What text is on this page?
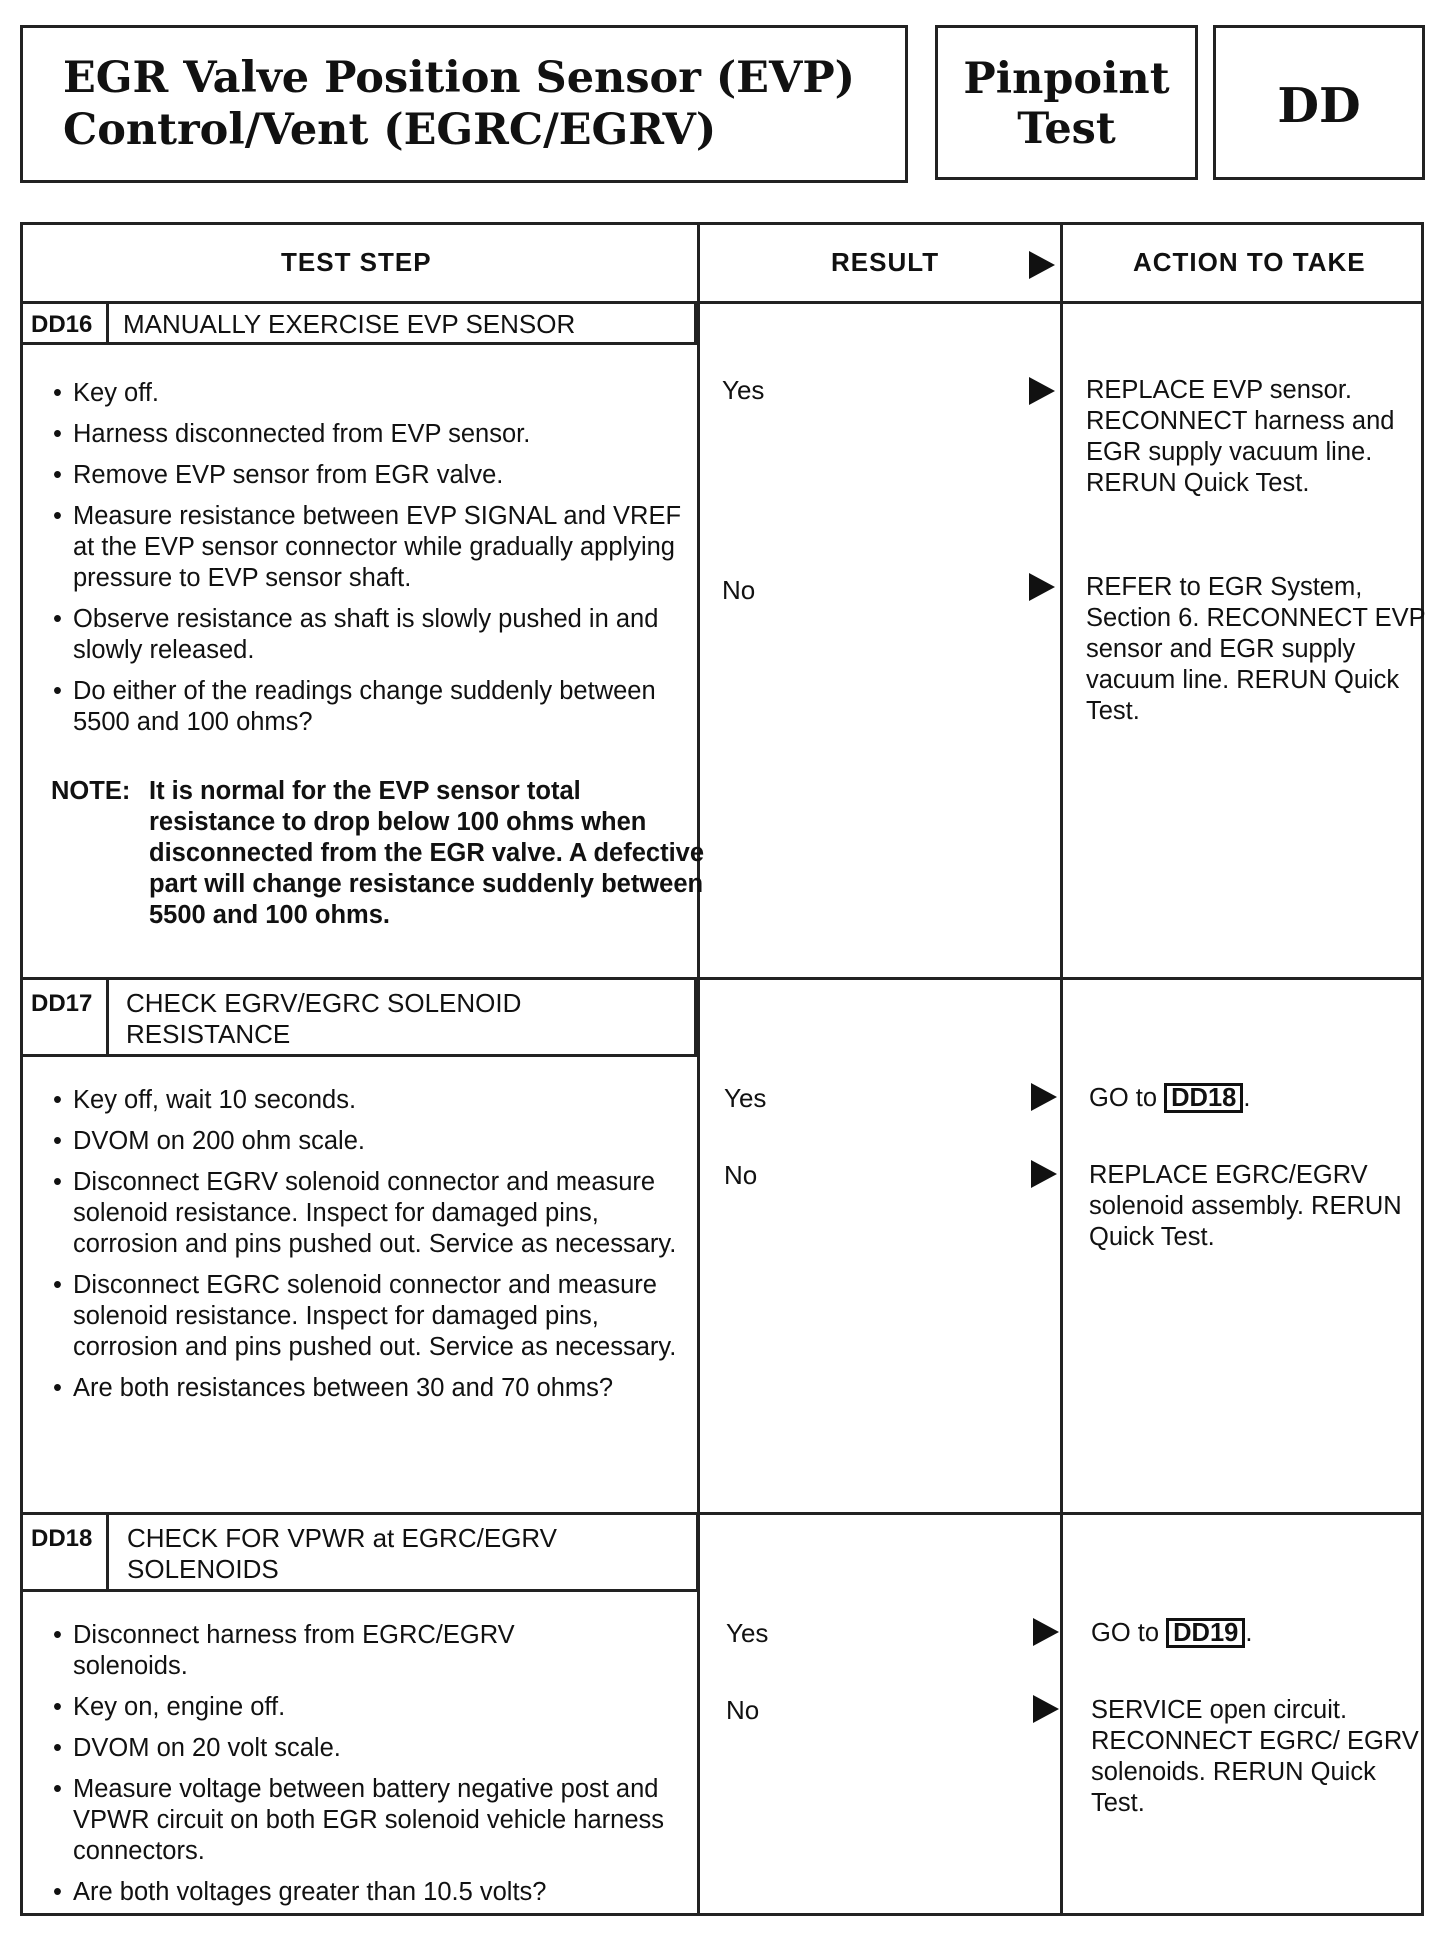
EGR Valve Position Sensor (EVP)
Control/Vent (EGRC/EGRV)
Pinpoint
Test	DD
TEST STEP	RESULT	ACTION TO TAKE
DD16	MANUALLY EXERCISE EVP SENSOR
• Key off.
• Harness disconnected from EVP sensor.
• Remove EVP sensor from EGR valve.
• Measure resistance between EVP SIGNAL and VREF at the EVP sensor connector while gradually applying pressure to EVP sensor shaft.
• Observe resistance as shaft is slowly pushed in and slowly released.
• Do either of the readings change suddenly between 5500 and 100 ohms?
NOTE: It is normal for the EVP sensor total resistance to drop below 100 ohms when disconnected from the EGR valve. A defective part will change resistance suddenly between 5500 and 100 ohms.
Yes	REPLACE EVP sensor. RECONNECT harness and EGR supply vacuum line. RERUN Quick Test.
No	REFER to EGR System, Section 6. RECONNECT EVP sensor and EGR supply vacuum line. RERUN Quick Test.
DD17	CHECK EGRV/EGRC SOLENOID RESISTANCE
• Key off, wait 10 seconds.
• DVOM on 200 ohm scale.
• Disconnect EGRV solenoid connector and measure solenoid resistance. Inspect for damaged pins, corrosion and pins pushed out. Service as necessary.
• Disconnect EGRC solenoid connector and measure solenoid resistance. Inspect for damaged pins, corrosion and pins pushed out. Service as necessary.
• Are both resistances between 30 and 70 ohms?
Yes	GO to DD18 .
No	REPLACE EGRC/EGRV solenoid assembly. RERUN Quick Test.
DD18	CHECK FOR VPWR at EGRC/EGRV SOLENOIDS
• Disconnect harness from EGRC/EGRV solenoids.
• Key on, engine off.
• DVOM on 20 volt scale.
• Measure voltage between battery negative post and VPWR circuit on both EGR solenoid vehicle harness connectors.
• Are both voltages greater than 10.5 volts?
Yes	GO to DD19 .
No	SERVICE open circuit. RECONNECT EGRC/ EGRV solenoids. RERUN Quick Test.
